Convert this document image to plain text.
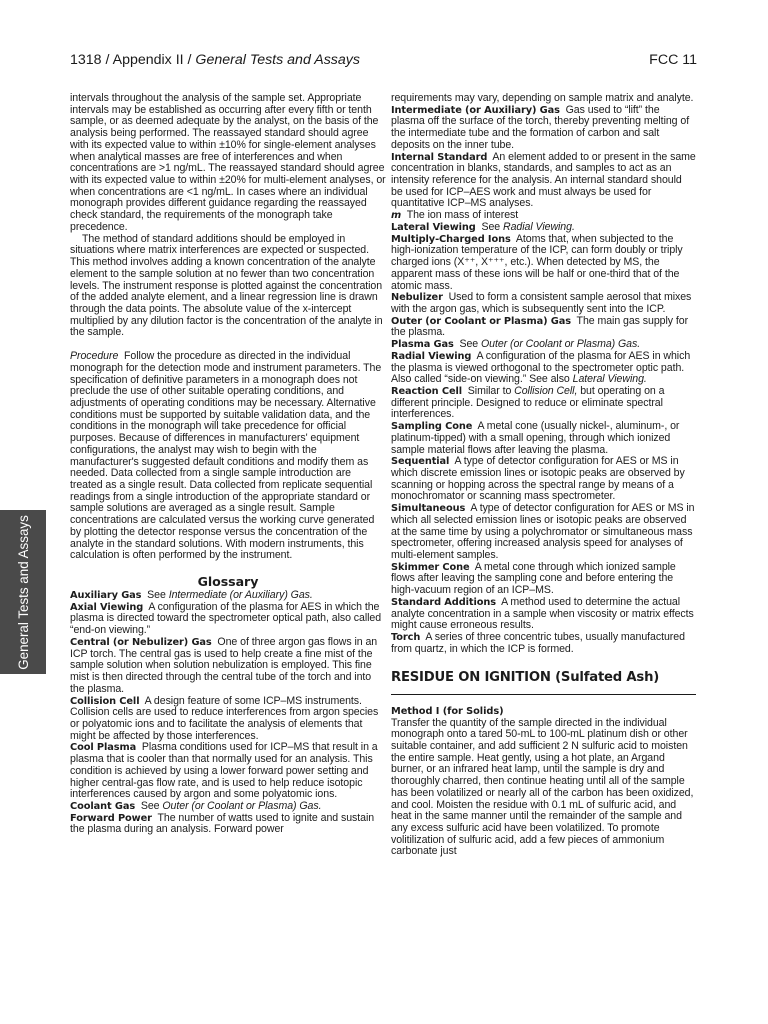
1318 / Appendix II / General Tests and Assays	FCC 11
General Tests and Assays

intervals throughout the analysis of the sample set. Appropriate intervals may be established as occurring after every fifth or tenth sample, or as deemed adequate by the analyst, on the basis of the analysis being performed. The reassayed standard should agree with its expected value to within ±10% for single-element analyses when analytical masses are free of interferences and when concentrations are >1 ng/mL. The reassayed standard should agree with its expected value to within ±20% for multi-element analyses, or when concentrations are <1 ng/mL. In cases where an individual monograph provides different guidance regarding the reassayed check standard, the requirements of the monograph take precedence.

The method of standard additions should be employed in situations where matrix interferences are expected or suspected. This method involves adding a known concentration of the analyte element to the sample solution at no fewer than two concentration levels. The instrument response is plotted against the concentration of the added analyte element, and a linear regression line is drawn through the data points. The absolute value of the x-intercept multiplied by any dilution factor is the concentration of the analyte in the sample.

Procedure Follow the procedure as directed in the individual monograph for the detection mode and instrument parameters. The specification of definitive parameters in a monograph does not preclude the use of other suitable operating conditions, and adjustments of operating conditions may be necessary. Alternative conditions must be supported by suitable validation data, and the conditions in the monograph will take precedence for official purposes. Because of differences in manufacturers' equipment configurations, the analyst may wish to begin with the manufacturer's suggested default conditions and modify them as needed. Data collected from a single sample introduction are treated as a single result. Data collected from replicate sequential readings from a single introduction of the appropriate standard or sample solutions are averaged as a single result. Sample concentrations are calculated versus the working curve generated by plotting the detector response versus the concentration of the analyte in the standard solutions. With modern instruments, this calculation is often performed by the instrument.

Glossary

Auxiliary Gas See Intermediate (or Auxiliary) Gas.

Axial Viewing A configuration of the plasma for AES in which the plasma is directed toward the spectrometer optical path, also called “end-on viewing.”

Central (or Nebulizer) Gas One of three argon gas flows in an ICP torch. The central gas is used to help create a fine mist of the sample solution when solution nebulization is employed. This fine mist is then directed through the central tube of the torch and into the plasma.

Collision Cell A design feature of some ICP–MS instruments. Collision cells are used to reduce interferences from argon species or polyatomic ions and to facilitate the analysis of elements that might be affected by those interferences.

Cool Plasma Plasma conditions used for ICP–MS that result in a plasma that is cooler than that normally used for an analysis. This condition is achieved by using a lower forward power setting and higher central-gas flow rate, and is used to help reduce isotopic interferences caused by argon and some polyatomic ions.

Coolant Gas See Outer (or Coolant or Plasma) Gas.

Forward Power The number of watts used to ignite and sustain the plasma during an analysis. Forward power

requirements may vary, depending on sample matrix and analyte.

Intermediate (or Auxiliary) Gas Gas used to “lift” the plasma off the surface of the torch, thereby preventing melting of the intermediate tube and the formation of carbon and salt deposits on the inner tube.

Internal Standard An element added to or present in the same concentration in blanks, standards, and samples to act as an intensity reference for the analysis. An internal standard should be used for ICP–AES work and must always be used for quantitative ICP–MS analyses.

m The ion mass of interest

Lateral Viewing See Radial Viewing.

Multiply-Charged Ions Atoms that, when subjected to the high-ionization temperature of the ICP, can form doubly or triply charged ions (X⁺⁺, X⁺⁺⁺, etc.). When detected by MS, the apparent mass of these ions will be half or one-third that of the atomic mass.

Nebulizer Used to form a consistent sample aerosol that mixes with the argon gas, which is subsequently sent into the ICP.

Outer (or Coolant or Plasma) Gas The main gas supply for the plasma.

Plasma Gas See Outer (or Coolant or Plasma) Gas.

Radial Viewing A configuration of the plasma for AES in which the plasma is viewed orthogonal to the spectrometer optic path. Also called “side-on viewing.” See also Lateral Viewing.

Reaction Cell Similar to Collision Cell, but operating on a different principle. Designed to reduce or eliminate spectral interferences.

Sampling Cone A metal cone (usually nickel-, aluminum-, or platinum-tipped) with a small opening, through which ionized sample material flows after leaving the plasma.

Sequential A type of detector configuration for AES or MS in which discrete emission lines or isotopic peaks are observed by scanning or hopping across the spectral range by means of a monochromator or scanning mass spectrometer.

Simultaneous A type of detector configuration for AES or MS in which all selected emission lines or isotopic peaks are observed at the same time by using a polychromator or simultaneous mass spectrometer, offering increased analysis speed for analyses of multi-element samples.

Skimmer Cone A metal cone through which ionized sample flows after leaving the sampling cone and before entering the high-vacuum region of an ICP–MS.

Standard Additions A method used to determine the actual analyte concentration in a sample when viscosity or matrix effects might cause erroneous results.

Torch A series of three concentric tubes, usually manufactured from quartz, in which the ICP is formed.

RESIDUE ON IGNITION (Sulfated Ash)
Method I (for Solids)

Transfer the quantity of the sample directed in the individual monograph onto a tared 50-mL to 100-mL platinum dish or other suitable container, and add sufficient 2 N sulfuric acid to moisten the entire sample. Heat gently, using a hot plate, an Argand burner, or an infrared heat lamp, until the sample is dry and thoroughly charred, then continue heating until all of the sample has been volatilized or nearly all of the carbon has been oxidized, and cool. Moisten the residue with 0.1 mL of sulfuric acid, and heat in the same manner until the remainder of the sample and any excess sulfuric acid have been volatilized. To promote volitilization of sulfuric acid, add a few pieces of ammonium carbonate just
